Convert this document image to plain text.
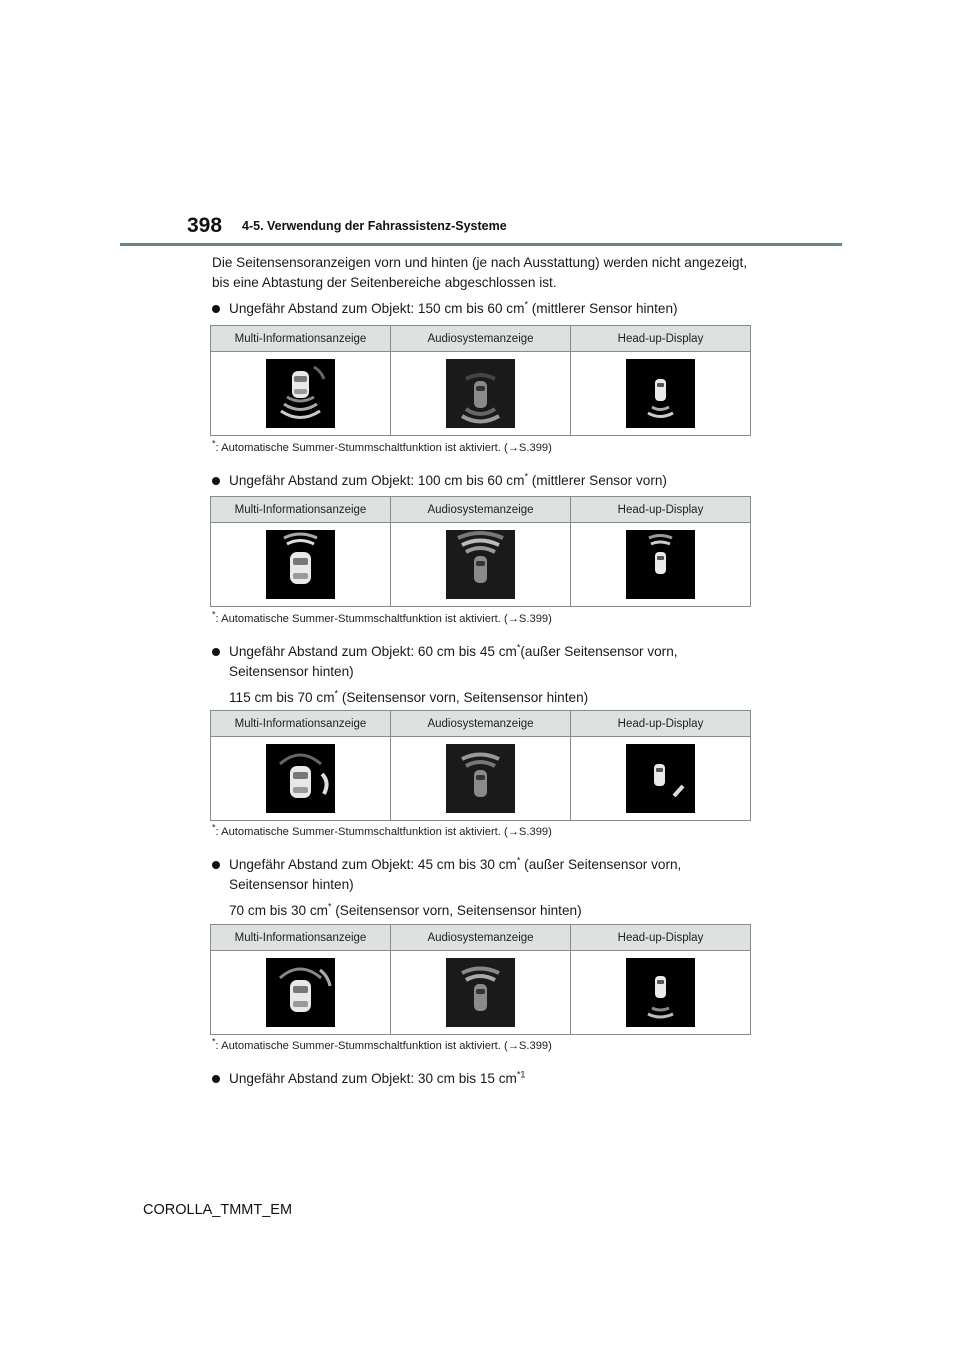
398 4-5. Verwendung der Fahrassistenz-Systeme

Die Seitensensoranzeigen vorn und hinten (je nach Ausstattung) werden nicht angezeigt, bis eine Abtastung der Seitenbereiche abgeschlossen ist.

Ungefähr Abstand zum Objekt: 150 cm bis 60 cm* (mittlerer Sensor hinten)
Multi-Informationsanzeige	Audiosystemanzeige	Head-up-Display

*: Automatische Summer-Stummschaltfunktion ist aktiviert. (→S.399)
Ungefähr Abstand zum Objekt: 100 cm bis 60 cm* (mittlerer Sensor vorn)
Multi-Informationsanzeige	Audiosystemanzeige	Head-up-Display

*: Automatische Summer-Stummschaltfunktion ist aktiviert. (→S.399)
Ungefähr Abstand zum Objekt: 60 cm bis 45 cm*(außer Seitensensor vorn, Seitensensor hinten)
115 cm bis 70 cm* (Seitensensor vorn, Seitensensor hinten)
Multi-Informationsanzeige	Audiosystemanzeige	Head-up-Display

*: Automatische Summer-Stummschaltfunktion ist aktiviert. (→S.399)
Ungefähr Abstand zum Objekt: 45 cm bis 30 cm* (außer Seitensensor vorn, Seitensensor hinten)
70 cm bis 30 cm* (Seitensensor vorn, Seitensensor hinten)
Multi-Informationsanzeige	Audiosystemanzeige	Head-up-Display

*: Automatische Summer-Stummschaltfunktion ist aktiviert. (→S.399)
Ungefähr Abstand zum Objekt: 30 cm bis 15 $cm^{*1}$
COROLLA_TMMT_EM
